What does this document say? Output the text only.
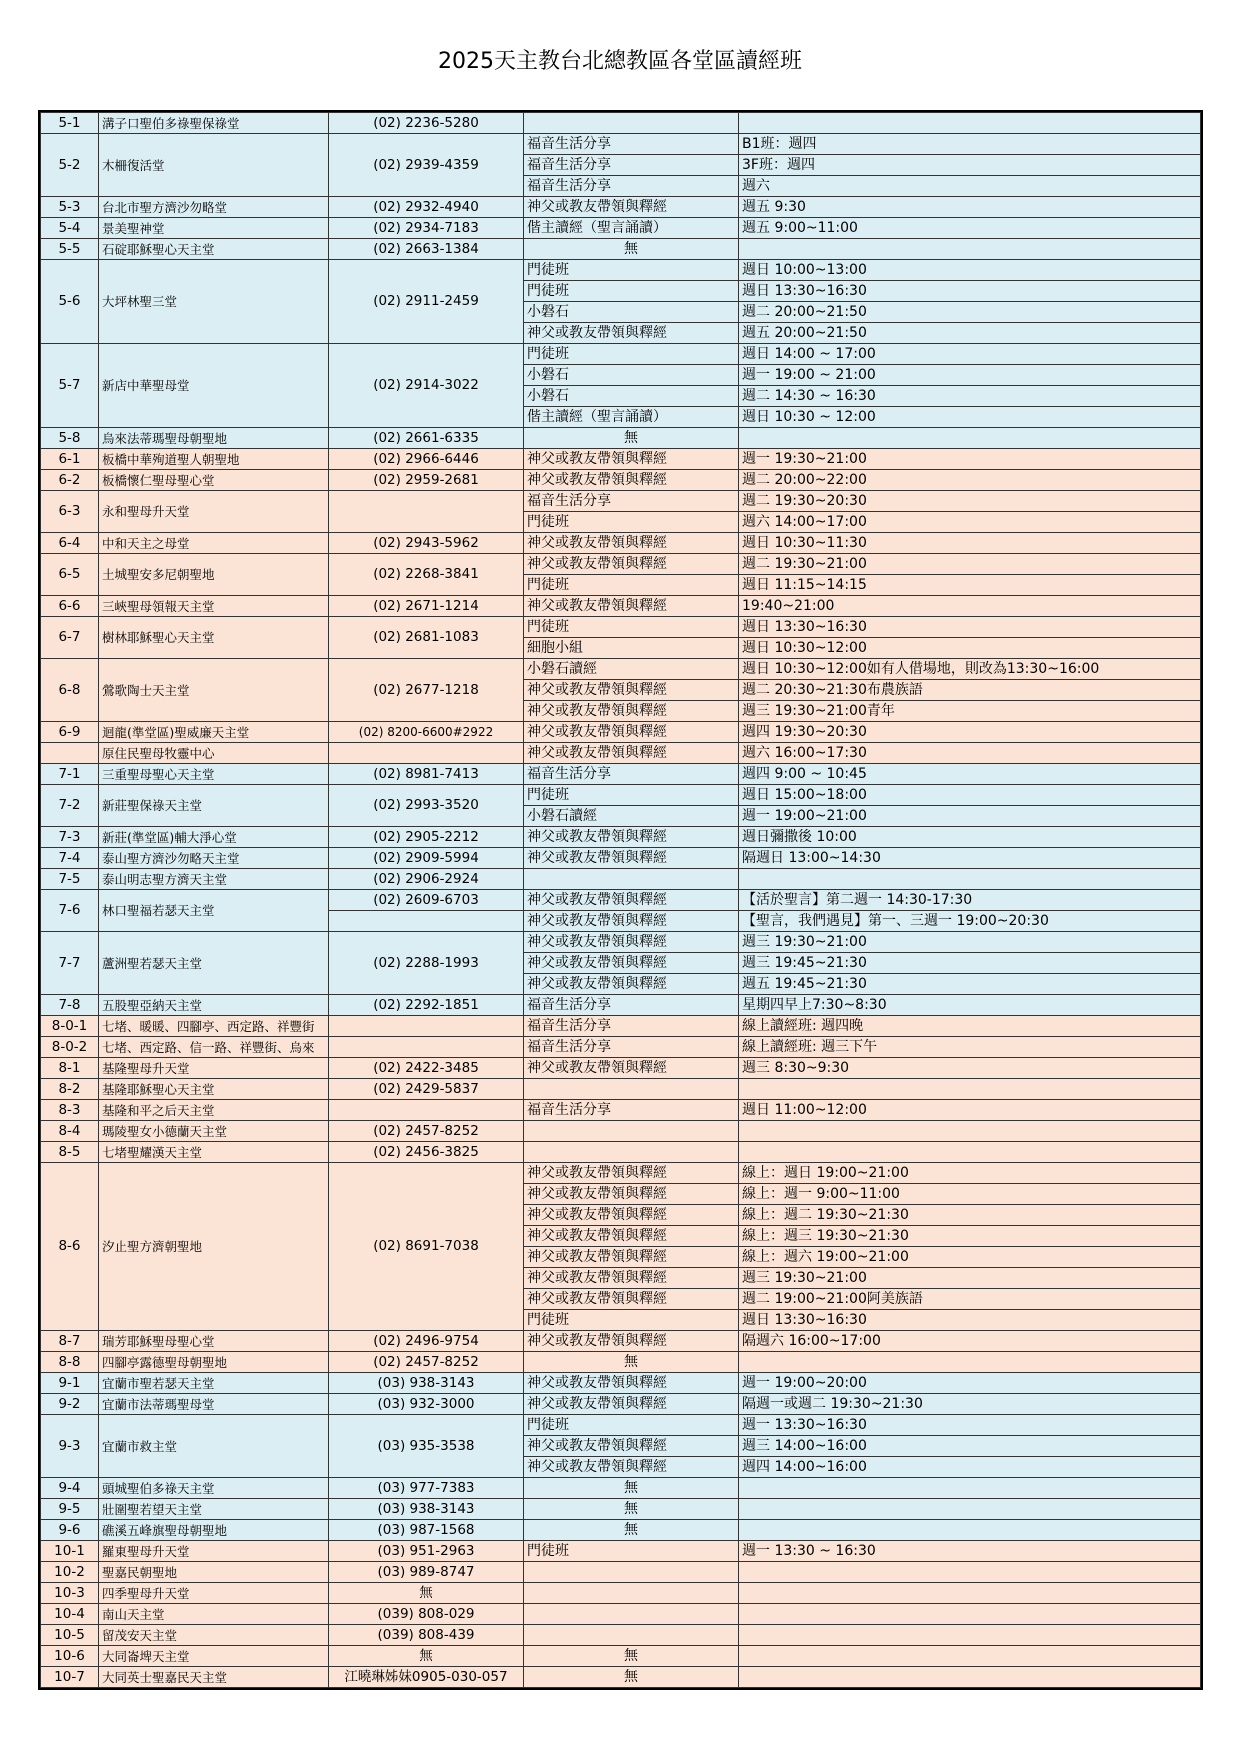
2025天主教台北總教區各堂區讀經班
5-1	溝子口聖伯多祿聖保祿堂	(02) 2236-5280		
5-2	木柵復活堂	(02) 2939-4359	福音生活分享	B1班：週四
			福音生活分享	3F班：週四
			福音生活分享	週六
5-3	台北市聖方濟沙勿略堂	(02) 2932-4940	神父或教友帶領與釋經	週五 9:30
5-4	景美聖神堂	(02) 2934-7183	偕主讀經（聖言誦讀）	週五 9:00~11:00
5-5	石碇耶穌聖心天主堂	(02) 2663-1384	無	
5-6	大坪林聖三堂	(02) 2911-2459	門徒班	週日 10:00~13:00
			門徒班	週日 13:30~16:30
			小磐石	週二 20:00~21:50
			神父或教友帶領與釋經	週五 20:00~21:50
5-7	新店中華聖母堂	(02) 2914-3022	門徒班	週日 14:00 ~ 17:00
			小磐石	週一 19:00 ~ 21:00
			小磐石	週二 14:30 ~ 16:30
			偕主讀經（聖言誦讀）	週日 10:30 ~ 12:00
5-8	烏來法蒂瑪聖母朝聖地	(02) 2661-6335	無	
6-1	板橋中華殉道聖人朝聖地	(02) 2966-6446	神父或教友帶領與釋經	週一 19:30~21:00
6-2	板橋懷仁聖母聖心堂	(02) 2959-2681	神父或教友帶領與釋經	週二 20:00~22:00
6-3	永和聖母升天堂		福音生活分享	週二 19:30~20:30
			門徒班	週六 14:00~17:00
6-4	中和天主之母堂	(02) 2943-5962	神父或教友帶領與釋經	週日 10:30~11:30
6-5	土城聖安多尼朝聖地	(02) 2268-3841	神父或教友帶領與釋經	週二 19:30~21:00
			門徒班	週日 11:15~14:15
6-6	三峽聖母領報天主堂	(02) 2671-1214	神父或教友帶領與釋經	19:40~21:00
6-7	樹林耶穌聖心天主堂	(02) 2681-1083	門徒班	週日 13:30~16:30
			細胞小組	週日 10:30~12:00
6-8	鶯歌陶士天主堂	(02) 2677-1218	小磐石讀經	週日 10:30~12:00如有人借場地，則改為13:30~16:00
			神父或教友帶領與釋經	週二 20:30~21:30布農族語
			神父或教友帶領與釋經	週三 19:30~21:00青年
6-9	迴龍(準堂區)聖威廉天主堂	(02) 8200-6600#2922	神父或教友帶領與釋經	週四 19:30~20:30
	原住民聖母牧靈中心		神父或教友帶領與釋經	週六 16:00~17:30
7-1	三重聖母聖心天主堂	(02) 8981-7413	福音生活分享	週四 9:00 ~ 10:45
7-2	新莊聖保祿天主堂	(02) 2993-3520	門徒班	週日 15:00~18:00
			小磐石讀經	週一 19:00~21:00
7-3	新莊(準堂區)輔大淨心堂	(02) 2905-2212	神父或教友帶領與釋經	週日彌撒後 10:00
7-4	泰山聖方濟沙勿略天主堂	(02) 2909-5994	神父或教友帶領與釋經	隔週日 13:00~14:30
7-5	泰山明志聖方濟天主堂	(02) 2906-2924		
7-6	林口聖福若瑟天主堂	(02) 2609-6703	神父或教友帶領與釋經	【活於聖言】第二週一 14:30-17:30
			神父或教友帶領與釋經	【聖言，我們遇見】第一、三週一 19:00~20:30
7-7	蘆洲聖若瑟天主堂	(02) 2288-1993	神父或教友帶領與釋經	週三 19:30~21:00
			神父或教友帶領與釋經	週三 19:45~21:30
			神父或教友帶領與釋經	週五 19:45~21:30
7-8	五股聖亞納天主堂	(02) 2292-1851	福音生活分享	星期四早上7:30~8:30
8-0-1	七堵、暖暖、四腳亭、西定路、祥豐街		福音生活分享	線上讀經班: 週四晚
8-0-2	七堵、西定路、信一路、祥豐街、烏來		福音生活分享	線上讀經班: 週三下午
8-1	基隆聖母升天堂	(02) 2422-3485	神父或教友帶領與釋經	週三 8:30~9:30
8-2	基隆耶穌聖心天主堂	(02) 2429-5837		
8-3	基隆和平之后天主堂		福音生活分享	週日 11:00~12:00
8-4	瑪陵聖女小德蘭天主堂	(02) 2457-8252		
8-5	七堵聖耀漢天主堂	(02) 2456-3825		
8-6	汐止聖方濟朝聖地	(02) 8691-7038	神父或教友帶領與釋經	線上：週日 19:00~21:00
			神父或教友帶領與釋經	線上：週一 9:00~11:00
			神父或教友帶領與釋經	線上：週二 19:30~21:30
			神父或教友帶領與釋經	線上：週三 19:30~21:30
			神父或教友帶領與釋經	線上：週六 19:00~21:00
			神父或教友帶領與釋經	週三 19:30~21:00
			神父或教友帶領與釋經	週二 19:00~21:00阿美族語
			門徒班	週日 13:30~16:30
8-7	瑞芳耶穌聖母聖心堂	(02) 2496-9754	神父或教友帶領與釋經	隔週六 16:00~17:00
8-8	四腳亭露德聖母朝聖地	(02) 2457-8252	無	
9-1	宜蘭市聖若瑟天主堂	(03) 938-3143	神父或教友帶領與釋經	週一 19:00~20:00
9-2	宜蘭市法蒂瑪聖母堂	(03) 932-3000	神父或教友帶領與釋經	隔週一或週二 19:30~21:30
9-3	宜蘭市救主堂	(03) 935-3538	門徒班	週一 13:30~16:30
			神父或教友帶領與釋經	週三 14:00~16:00
			神父或教友帶領與釋經	週四 14:00~16:00
9-4	頭城聖伯多祿天主堂	(03) 977-7383	無	
9-5	壯圍聖若望天主堂	(03) 938-3143	無	
9-6	礁溪五峰旗聖母朝聖地	(03) 987-1568	無	
10-1	羅東聖母升天堂	(03) 951-2963	門徒班	週一 13:30 ~ 16:30
10-2	聖嘉民朝聖地	(03) 989-8747		
10-3	四季聖母升天堂	無		
10-4	南山天主堂	(039) 808-029		
10-5	留茂安天主堂	(039) 808-439		
10-6	大同崙埤天主堂	無	無	
10-7	大同英士聖嘉民天主堂	江曉琳姊妹0905-030-057	無	
